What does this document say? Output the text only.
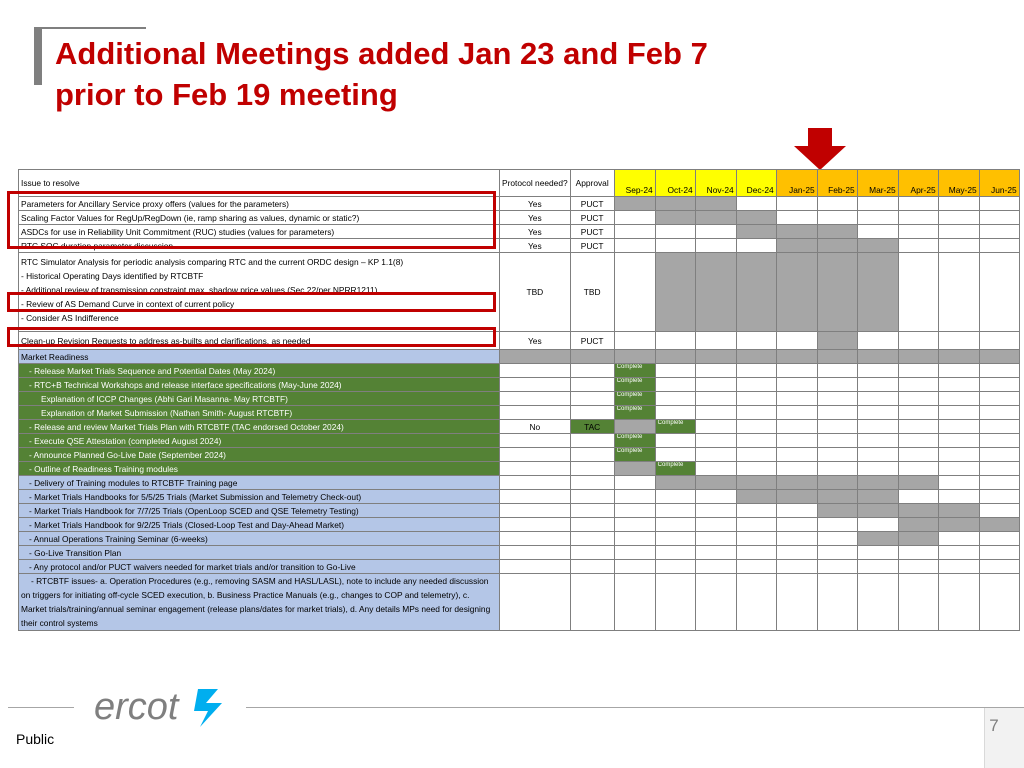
Additional Meetings added Jan 23 and Feb 7
prior to Feb 19 meeting
Issue to resolve	Protocol needed?	Approval	Sep-24	Oct-24	Nov-24	Dec-24	Jan-25	Feb-25	Mar-25	Apr-25	May-25	Jun-25
Parameters for Ancillary Service proxy offers (values for the parameters)	Yes	PUCT										
Scaling Factor Values for RegUp/RegDown (ie, ramp sharing as values, dynamic or static?)	Yes	PUCT										
ASDCs for use in Reliability Unit Commitment (RUC) studies (values for parameters)	Yes	PUCT										
RTC SOC duration parameter discussion	Yes	PUCT										

RTC Simulator Analysis for periodic analysis comparing RTC and the current ORDC design – KP 1.1(8)
- Historical Operating Days identified by RTCBTF
- Additional review of transmission constraint max. shadow price values (Sec 22/per NPRR1211)
- Review of AS Demand Curve in context of current policy
- Consider AS Indifference	TBD	TBD										
Clean-up Revision Requests to address as-builts and clarifications, as needed	Yes	PUCT										
Market Readiness												
- Release Market Trials Sequence and Potential Dates (May 2024)			Complete									
- RTC+B Technical Workshops and release interface specifications (May-June 2024)			Complete									
Explanation of ICCP Changes (Abhi Gari Masanna- May RTCBTF)			Complete									
Explanation of Market Submission (Nathan Smith- August RTCBTF)			Complete									
- Release and review Market Trials Plan with RTCBTF (TAC endorsed October 2024)	No	TAC		Complete								
- Execute QSE Attestation (completed August 2024)			Complete									
- Announce Planned Go-Live Date (September 2024)			Complete									
- Outline of Readiness Training modules				Complete								
- Delivery of Training modules to RTCBTF Training page												
- Market Trials Handbooks for 5/5/25 Trials (Market Submission and Telemetry Check-out)												
- Market Trials Handbook for 7/7/25 Trials (OpenLoop SCED and QSE Telemetry Testing)												
- Market Trials Handbook for 9/2/25 Trials (Closed-Loop Test and Day-Ahead Market)												
- Annual Operations Training Seminar (6-weeks)												
- Go-Live Transition Plan												
- Any protocol and/or PUCT waivers needed for market trials and/or transition to Go-Live												
- RTCBTF issues- a. Operation Procedures (e.g., removing SASM and HASL/LASL), note to include any needed discussion on triggers for initiating off-cycle SCED execution, b. Business Practice Manuals (e.g., changes to COP and telemetry), c. Market trials/training/annual seminar engagement (release plans/dates for market trials), d. Any details MPs need for designing their control systems												
ercot	7
Public
